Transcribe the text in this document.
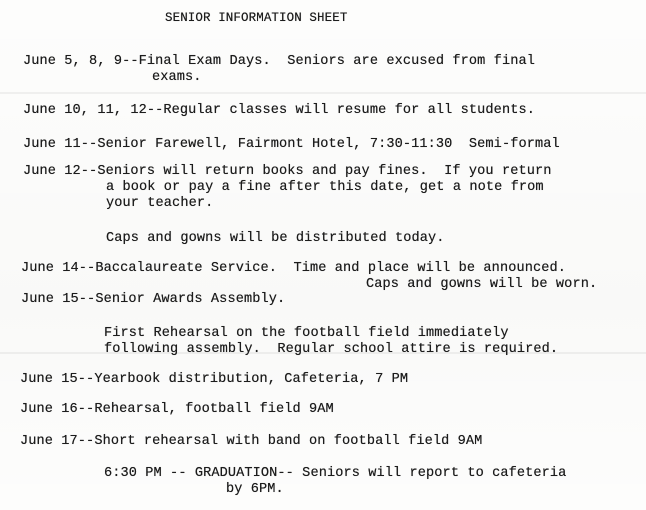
SENIOR INFORMATION SHEET
June 5, 8, 9--Final Exam Days.  Seniors are excused from final
exams.
June 10, 11, 12--Regular classes will resume for all students.
June 11--Senior Farewell, Fairmont Hotel, 7:30-11:30  Semi-formal
June 12--Seniors will return books and pay fines.  If you return
a book or pay a fine after this date, get a note from
your teacher.
Caps and gowns will be distributed today.
June 14--Baccalaureate Service.  Time and place will be announced.
Caps and gowns will be worn.
June 15--Senior Awards Assembly.
First Rehearsal on the football field immediately
following assembly.  Regular school attire is required.
June 15--Yearbook distribution, Cafeteria, 7 PM
June 16--Rehearsal, football field 9AM
June 17--Short rehearsal with band on football field 9AM
6:30 PM -- GRADUATION-- Seniors will report to cafeteria
by 6PM.
